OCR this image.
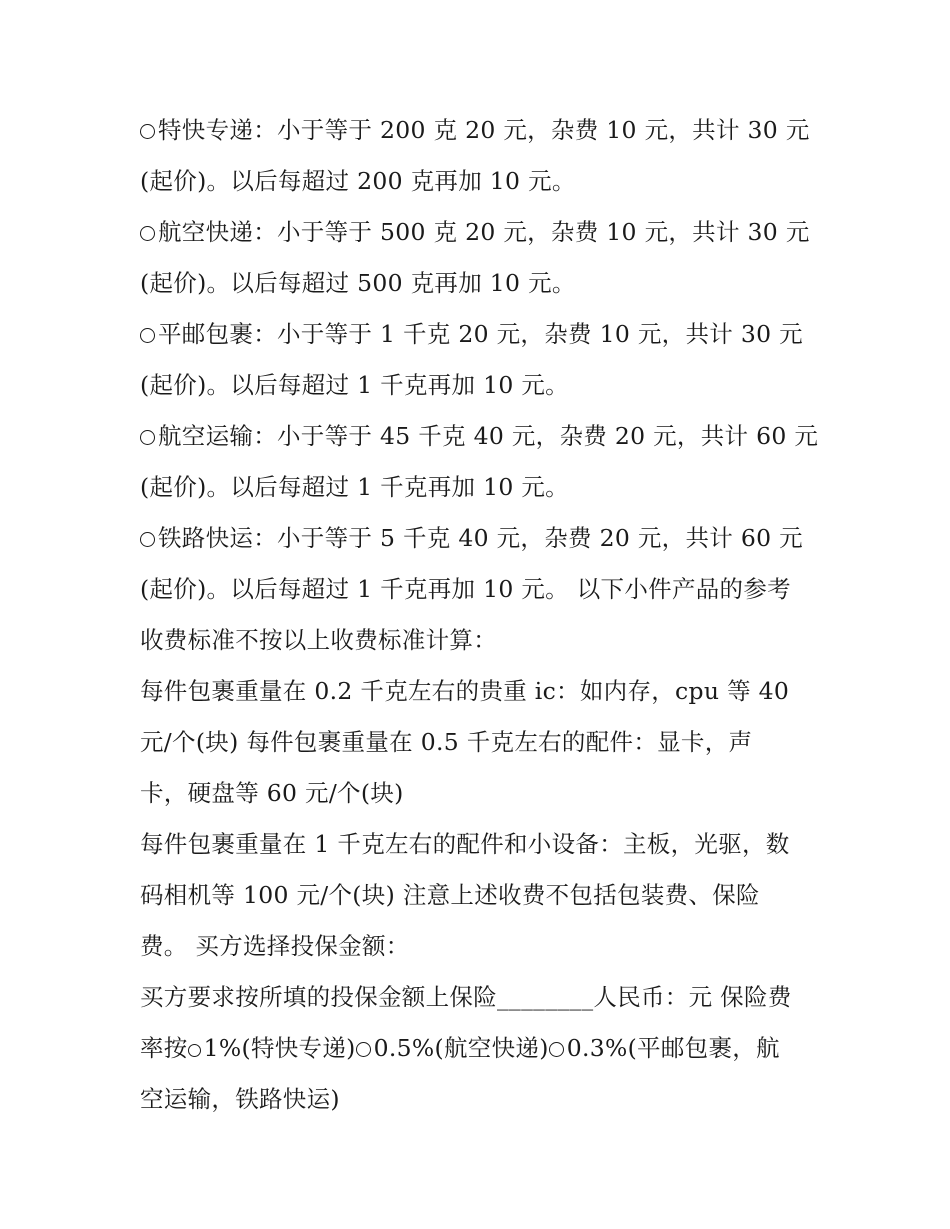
特快专递：小于等于 200 克 20 元，杂费 10 元，共计 30 元
(起价)。以后每超过 200 克再加 10 元。
航空快递：小于等于 500 克 20 元，杂费 10 元，共计 30 元
(起价)。以后每超过 500 克再加 10 元。
平邮包裹：小于等于 1 千克 20 元，杂费 10 元，共计 30 元
(起价)。以后每超过 1 千克再加 10 元。
航空运输：小于等于 45 千克 40 元，杂费 20 元，共计 60 元
(起价)。以后每超过 1 千克再加 10 元。
铁路快运：小于等于 5 千克 40 元，杂费 20 元，共计 60 元
(起价)。以后每超过 1 千克再加 10 元。 以下小件产品的参考
收费标准不按以上收费标准计算：
每件包裹重量在 0.2 千克左右的贵重 ic：如内存，cpu 等 40
元/个(块) 每件包裹重量在 0.5 千克左右的配件：显卡，声
卡，硬盘等 60 元/个(块)
每件包裹重量在 1 千克左右的配件和小设备：主板，光驱，数
码相机等 100 元/个(块) 注意上述收费不包括包装费、保险
费。 买方选择投保金额：
买方要求按所填的投保金额上保险________人民币：元 保险费
率按 1%(特快专递) 0.5%(航空快递) 0.3%(平邮包裹，航
空运输，铁路快运)
